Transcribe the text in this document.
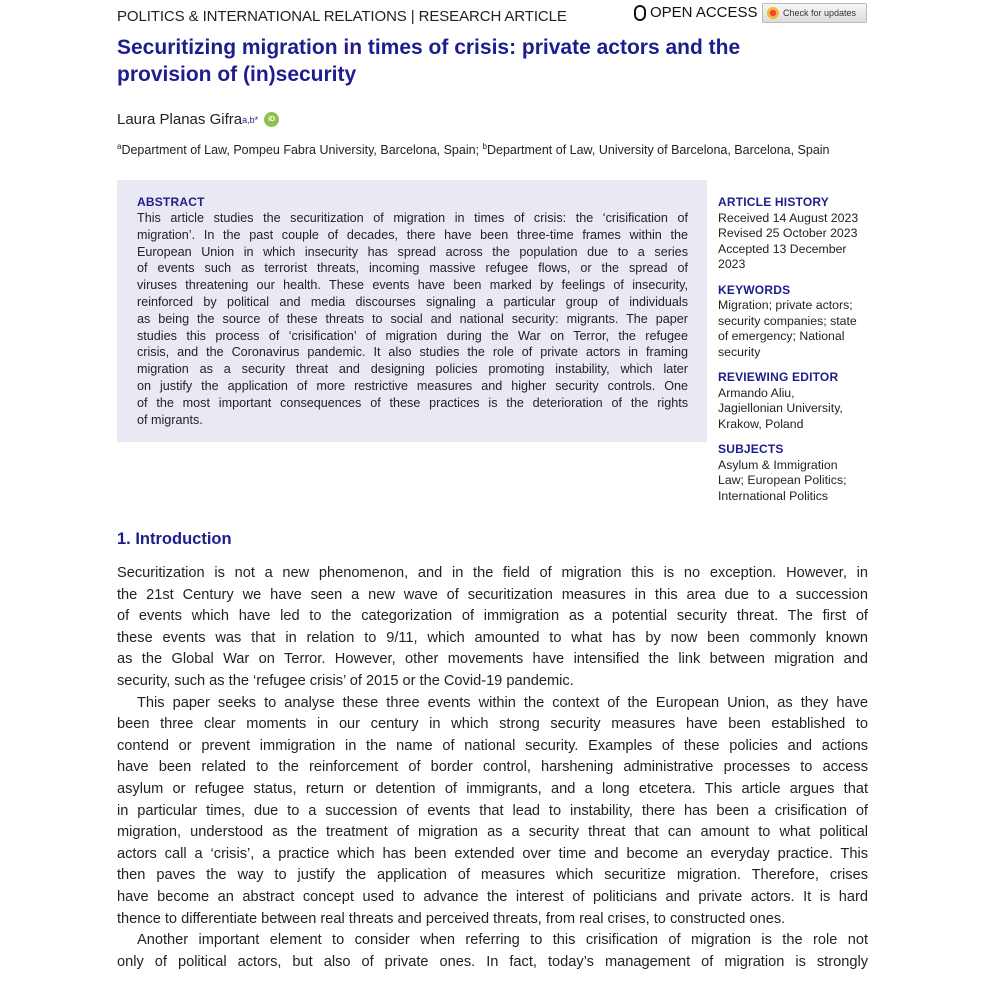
POLITICS & INTERNATIONAL RELATIONS | RESEARCH ARTICLE	OPEN ACCESS	Check for updates
Securitizing migration in times of crisis: private actors and the provision of (in)security
Laura Planas Gifra a,b *	iD
$^a$Department of Law, Pompeu Fabra University, Barcelona, Spain; $^b$Department of Law, University of Barcelona, Barcelona, Spain
ABSTRACT
This article studies the securitization of migration in times of crisis: the ‘crisification of
migration’. In the past couple of decades, there have been three-time frames within the
European Union in which insecurity has spread across the population due to a series
of events such as terrorist threats, incoming massive refugee flows, or the spread of
viruses threatening our health. These events have been marked by feelings of insecurity,
reinforced by political and media discourses signaling a particular group of individuals
as being the source of these threats to social and national security: migrants. The paper
studies this process of ‘crisification’ of migration during the War on Terror, the refugee
crisis, and the Coronavirus pandemic. It also studies the role of private actors in framing
migration as a security threat and designing policies promoting instability, which later
on justify the application of more restrictive measures and higher security controls. One
of the most important consequences of these practices is the deterioration of the rights
of migrants.
ARTICLE HISTORY
Received 14 August 2023
Revised 25 October 2023
Accepted 13 December
2023
KEYWORDS
Migration; private actors;
security companies; state
of emergency; National
security
REVIEWING EDITOR
Armando Aliu,
Jagiellonian University,
Krakow, Poland
SUBJECTS
Asylum & Immigration
Law; European Politics;
International Politics
1. Introduction
Securitization is not a new phenomenon, and in the field of migration this is no exception. However, in
the 21st Century we have seen a new wave of securitization measures in this area due to a succession
of events which have led to the categorization of immigration as a potential security threat. The first of
these events was that in relation to 9/11, which amounted to what has by now been commonly known
as the Global War on Terror. However, other movements have intensified the link between migration and
security, such as the ‘refugee crisis’ of 2015 or the Covid-19 pandemic.
This paper seeks to analyse these three events within the context of the European Union, as they have
been three clear moments in our century in which strong security measures have been established to
contend or prevent immigration in the name of national security. Examples of these policies and actions
have been related to the reinforcement of border control, harshening administrative processes to access
asylum or refugee status, return or detention of immigrants, and a long etcetera. This article argues that
in particular times, due to a succession of events that lead to instability, there has been a crisification of
migration, understood as the treatment of migration as a security threat that can amount to what political
actors call a ‘crisis’, a practice which has been extended over time and become an everyday practice. This
then paves the way to justify the application of measures which securitize migration. Therefore, crises
have become an abstract concept used to advance the interest of politicians and private actors. It is hard
thence to differentiate between real threats and perceived threats, from real crises, to constructed ones.
Another important element to consider when referring to this crisification of migration is the role not
only of political actors, but also of private ones. In fact, today’s management of migration is strongly
